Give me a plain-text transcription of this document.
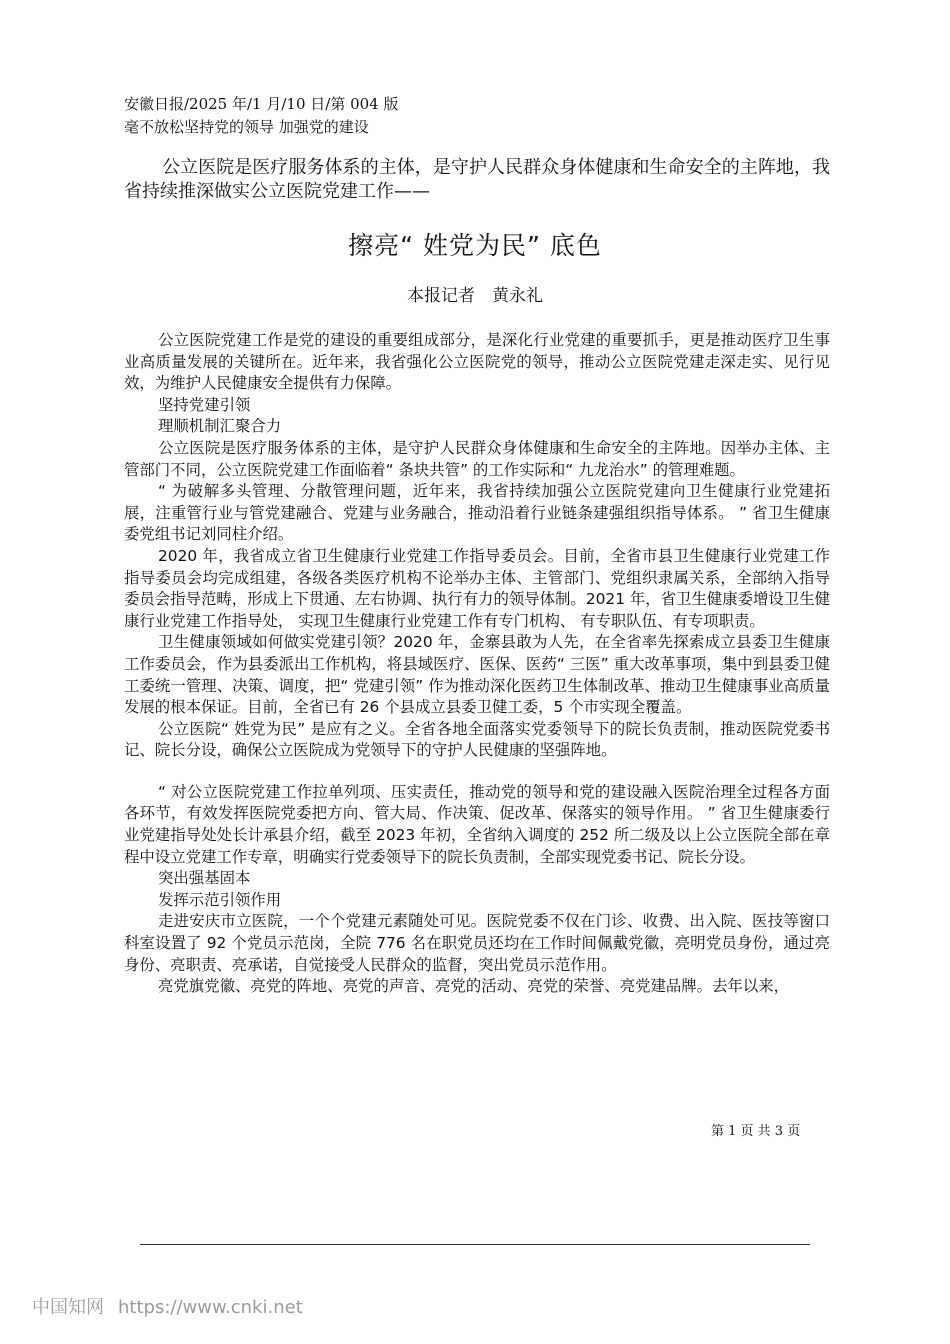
安徽日报/2025 年/1 月/10 日/第 004 版
毫不放松坚持党的领导 加强党的建设
公立医院是医疗服务体系的主体，是守护人民群众身体健康和生命安全的主阵地，我省持续推深做实公立医院党建工作——
擦亮“ 姓党为民” 底色
本报记者　黄永礼

公立医院党建工作是党的建设的重要组成部分，是深化行业党建的重要抓手，更是推动医疗卫生事业高质量发展的关键所在。近年来，我省强化公立医院党的领导，推动公立医院党建走深走实、见行见效，为维护人民健康安全提供有力保障。

坚持党建引领

理顺机制汇聚合力

公立医院是医疗服务体系的主体，是守护人民群众身体健康和生命安全的主阵地。因举办主体、主管部门不同，公立医院党建工作面临着“ 条块共管” 的工作实际和“ 九龙治水” 的管理难题。

“ 为破解多头管理、分散管理问题，近年来，我省持续加强公立医院党建向卫生健康行业党建拓展，注重管行业与管党建融合、党建与业务融合，推动沿着行业链条建强组织指导体系。 ” 省卫生健康委党组书记刘同柱介绍。

2020 年，我省成立省卫生健康行业党建工作指导委员会。目前，全省市县卫生健康行业党建工作指导委员会均完成组建，各级各类医疗机构不论举办主体、主管部门、党组织隶属关系，全部纳入指导委员会指导范畴，形成上下贯通、左右协调、执行有力的领导体制。2021 年，省卫生健康委增设卫生健康行业党建工作指导处， 实现卫生健康行业党建工作有专门机构、 有专职队伍、有专项职责。

卫生健康领域如何做实党建引领？2020 年，金寨县敢为人先，在全省率先探索成立县委卫生健康工作委员会，作为县委派出工作机构，将县域医疗、医保、医药“ 三医” 重大改革事项，集中到县委卫健工委统一管理、决策、调度，把“ 党建引领” 作为推动深化医药卫生体制改革、推动卫生健康事业高质量发展的根本保证。目前，全省已有 26 个县成立县委卫健工委，5 个市实现全覆盖。

公立医院“ 姓党为民” 是应有之义。全省各地全面落实党委领导下的院长负责制，推动医院党委书记、院长分设，确保公立医院成为党领导下的守护人民健康的坚强阵地。

“ 对公立医院党建工作拉单列项、压实责任，推动党的领导和党的建设融入医院治理全过程各方面各环节，有效发挥医院党委把方向、管大局、作决策、促改革、保落实的领导作用。 ” 省卫生健康委行业党建指导处处长计承县介绍，截至 2023 年初，全省纳入调度的 252 所二级及以上公立医院全部在章程中设立党建工作专章，明确实行党委领导下的院长负责制，全部实现党委书记、院长分设。

突出强基固本

发挥示范引领作用

走进安庆市立医院，一个个党建元素随处可见。医院党委不仅在门诊、收费、出入院、医技等窗口科室设置了 92 个党员示范岗，全院 776 名在职党员还均在工作时间佩戴党徽，亮明党员身份，通过亮身份、亮职责、亮承诺，自觉接受人民群众的监督，突出党员示范作用。

亮党旗党徽、亮党的阵地、亮党的声音、亮党的活动、亮党的荣誉、亮党建品牌。去年以来，

第 1 页 共 3 页
中国知网 https://www.cnki.net
